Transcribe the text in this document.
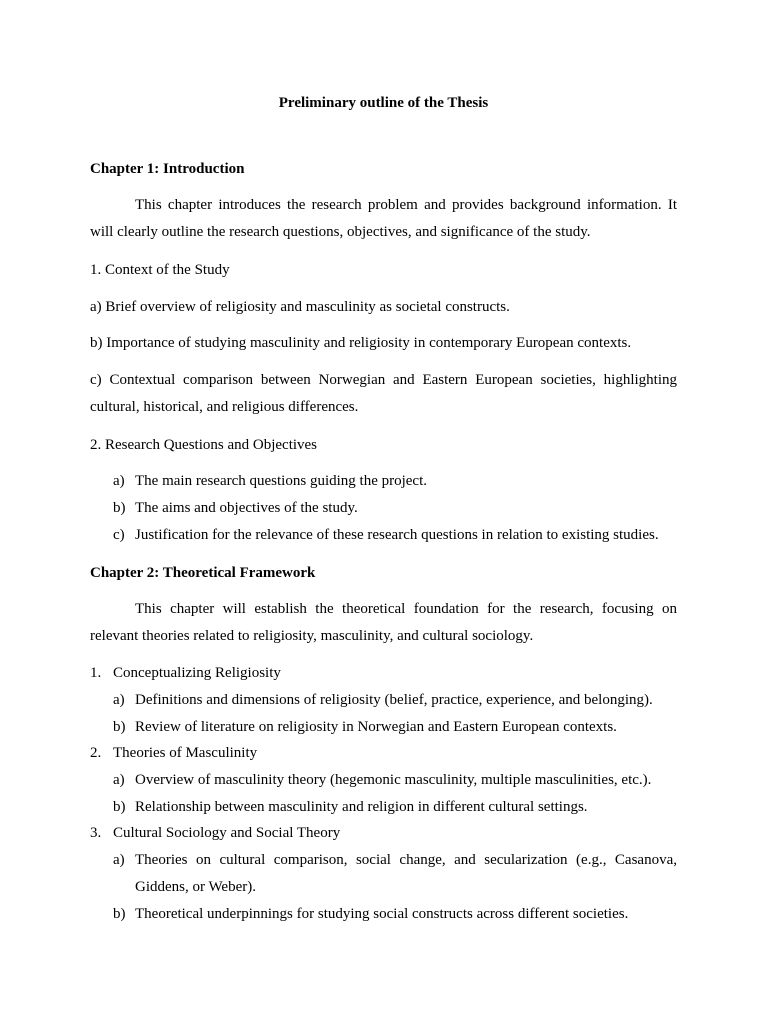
Preliminary outline of the Thesis
Chapter 1: Introduction
This chapter introduces the research problem and provides background information. It will clearly outline the research questions, objectives, and significance of the study.
1. Context of the Study
a) Brief overview of religiosity and masculinity as societal constructs.
b) Importance of studying masculinity and religiosity in contemporary European contexts.
c) Contextual comparison between Norwegian and Eastern European societies, highlighting cultural, historical, and religious differences.
2. Research Questions and Objectives
a) The main research questions guiding the project.
b) The aims and objectives of the study.
c) Justification for the relevance of these research questions in relation to existing studies.
Chapter 2: Theoretical Framework
This chapter will establish the theoretical foundation for the research, focusing on relevant theories related to religiosity, masculinity, and cultural sociology.
1. Conceptualizing Religiosity
a) Definitions and dimensions of religiosity (belief, practice, experience, and belonging).
b) Review of literature on religiosity in Norwegian and Eastern European contexts.
2. Theories of Masculinity
a) Overview of masculinity theory (hegemonic masculinity, multiple masculinities, etc.).
b) Relationship between masculinity and religion in different cultural settings.
3. Cultural Sociology and Social Theory
a) Theories on cultural comparison, social change, and secularization (e.g., Casanova, Giddens, or Weber).
b) Theoretical underpinnings for studying social constructs across different societies.
